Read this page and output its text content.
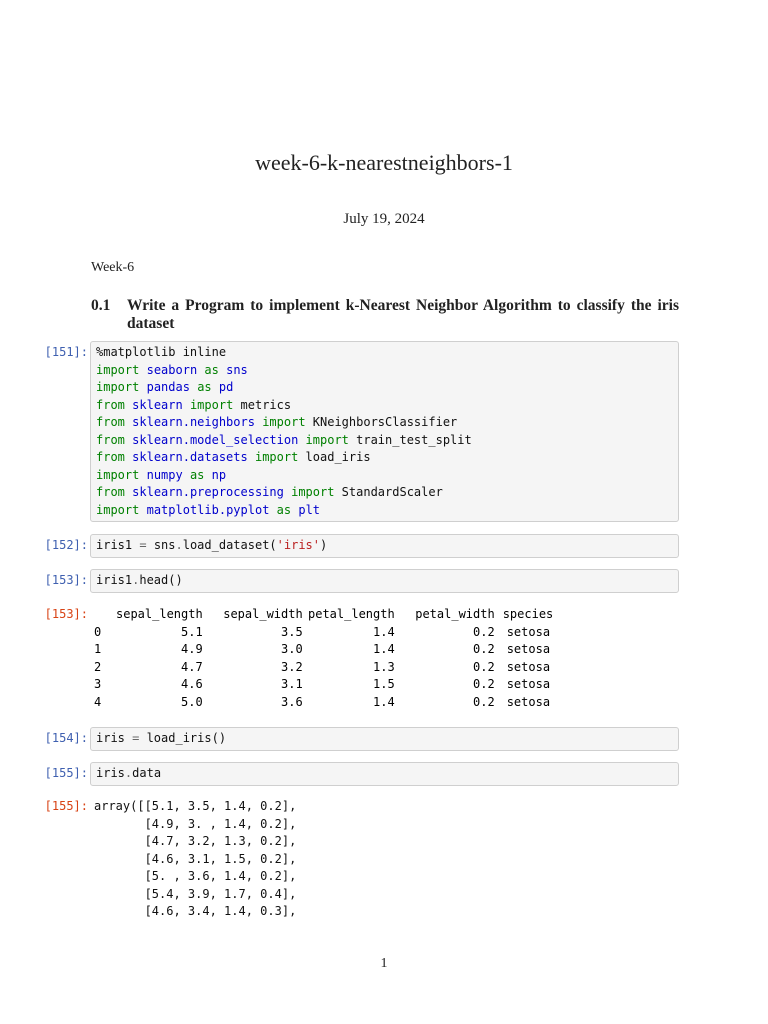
week-6-k-nearestneighbors-1
July 19, 2024
Week-6
0.1	Write a Program to implement k-Nearest Neighbor Algorithm to classify the iris dataset
[151]: %matplotlib inline
import seaborn as sns
import pandas as pd
from sklearn import metrics
from sklearn.neighbors import KNeighborsClassifier
from sklearn.model_selection import train_test_split
from sklearn.datasets import load_iris
import numpy as np
from sklearn.preprocessing import StandardScaler
import matplotlib.pyplot as plt
[152]: iris1 = sns.load_dataset('iris')
[153]: iris1.head()
[153]:
	sepal_length	sepal_width	petal_length	petal_width	species
0	5.1	3.5	1.4	0.2	setosa
1	4.9	3.0	1.4	0.2	setosa
2	4.7	3.2	1.3	0.2	setosa
3	4.6	3.1	1.5	0.2	setosa
4	5.0	3.6	1.4	0.2	setosa
[154]: iris = load_iris()
[155]: iris.data
[155]: array([[5.1, 3.5, 1.4, 0.2],
[4.9, 3. , 1.4, 0.2],
[4.7, 3.2, 1.3, 0.2],
[4.6, 3.1, 1.5, 0.2],
[5. , 3.6, 1.4, 0.2],
[5.4, 3.9, 1.7, 0.4],
[4.6, 3.4, 1.4, 0.3],
1
